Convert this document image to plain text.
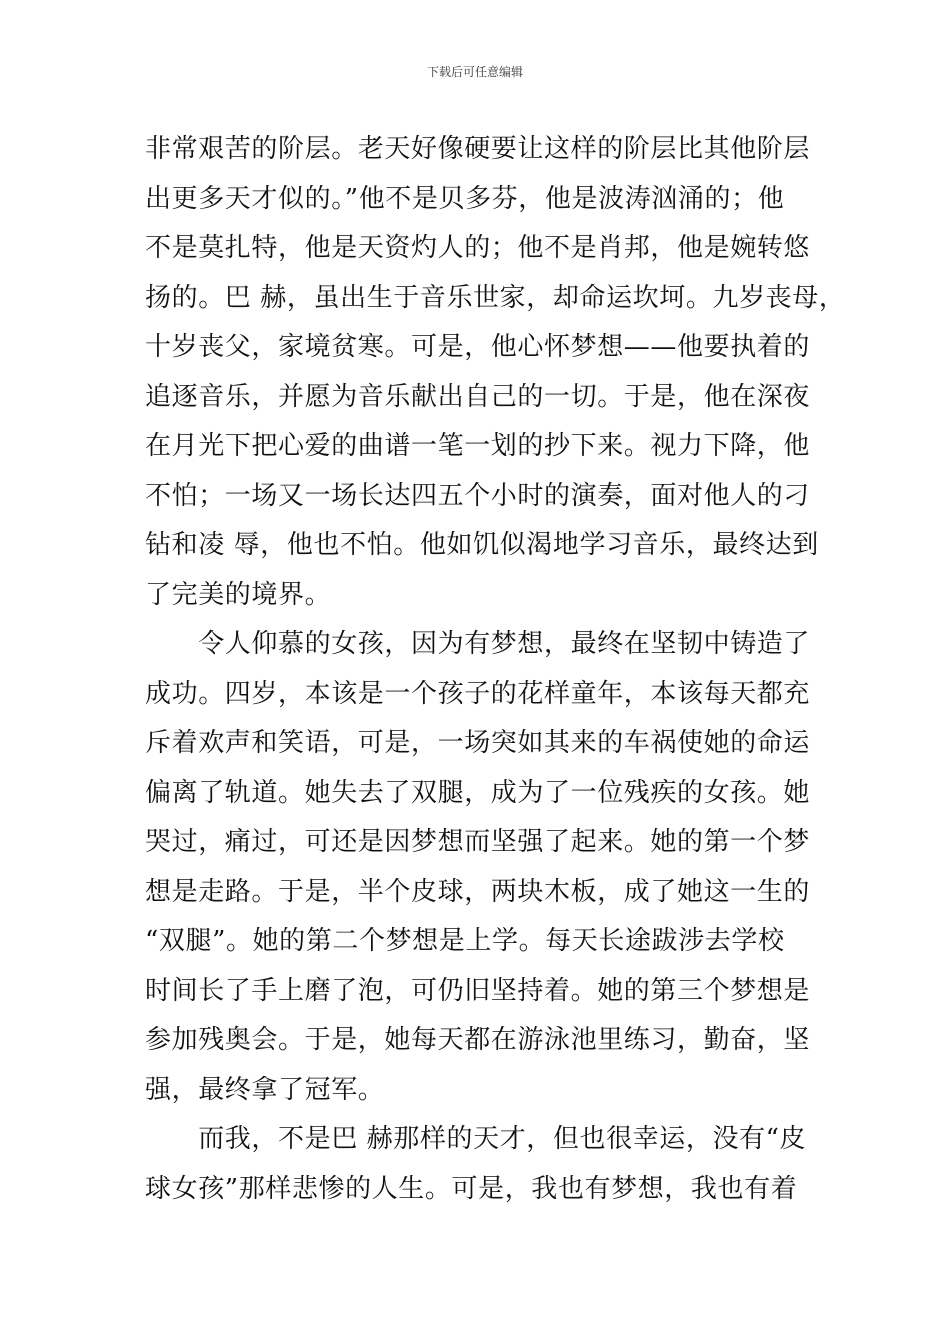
下载后可任意编辑
非常艰苦的阶层。老天好像硬要让这样的阶层比其他阶层
出更多天才似的。”他不是贝多芬，他是波涛汹涌的；他
不是莫扎特，他是天资灼人的；他不是肖邦，他是婉转悠
扬的。巴 赫，虽出生于音乐世家，却命运坎坷。九岁丧母，
十岁丧父，家境贫寒。可是，他心怀梦想——他要执着的
追逐音乐，并愿为音乐献出自己的一切。于是，他在深夜
在月光下把心爱的曲谱一笔一划的抄下来。视力下降，他
不怕；一场又一场长达四五个小时的演奏，面对他人的刁
钻和凌 辱，他也不怕。他如饥似渴地学习音乐，最终达到
了完美的境界。
　　令人仰慕的女孩，因为有梦想，最终在坚韧中铸造了
成功。四岁，本该是一个孩子的花样童年，本该每天都充
斥着欢声和笑语，可是，一场突如其来的车祸使她的命运
偏离了轨道。她失去了双腿，成为了一位残疾的女孩。她
哭过，痛过，可还是因梦想而坚强了起来。她的第一个梦
想是走路。于是，半个皮球，两块木板，成了她这一生的
“双腿”。她的第二个梦想是上学。每天长途跋涉去学校
时间长了手上磨了泡，可仍旧坚持着。她的第三个梦想是
参加残奥会。于是，她每天都在游泳池里练习，勤奋，坚
强，最终拿了冠军。
　　而我，不是巴 赫那样的天才，但也很幸运，没有“皮
球女孩”那样悲惨的人生。可是，我也有梦想，我也有着
